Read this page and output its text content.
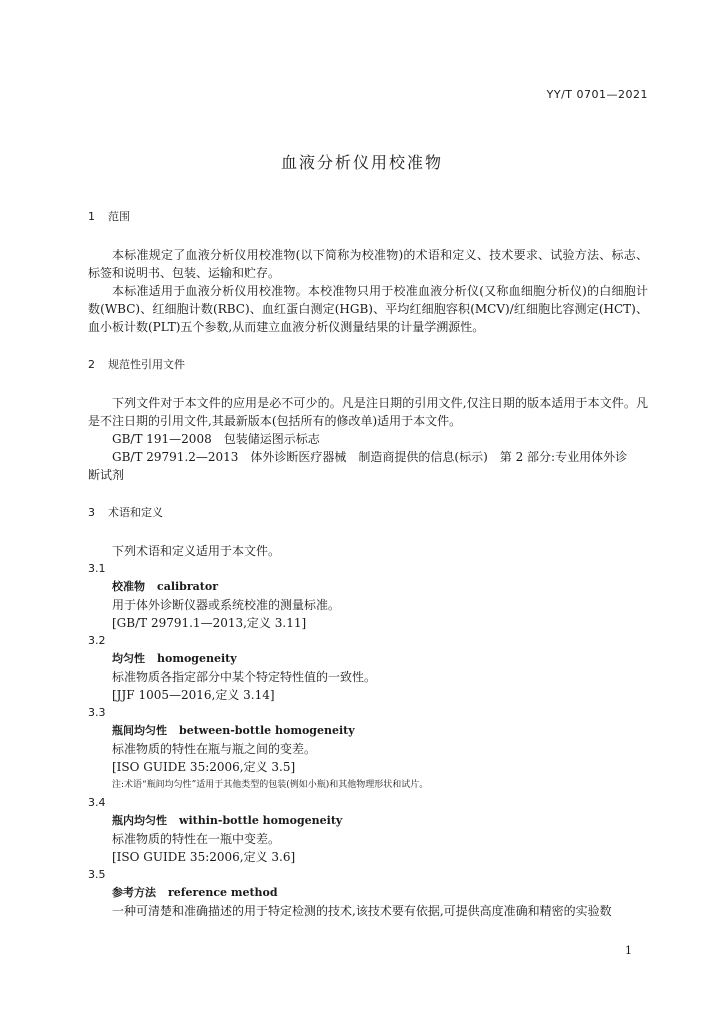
YY/T 0701—2021
血液分析仪用校准物
1 范围

本标准规定了血液分析仪用校准物(以下简称为校准物)的术语和定义、技术要求、试验方法、标志、标签和说明书、包装、运输和贮存。

本标准适用于血液分析仪用校准物。本校准物只用于校准血液分析仪(又称血细胞分析仪)的白细胞计数(WBC)、红细胞计数(RBC)、血红蛋白测定(HGB)、平均红细胞容积(MCV)/红细胞比容测定(HCT)、血小板计数(PLT)五个参数,从而建立血液分析仪测量结果的计量学溯源性。

2 规范性引用文件

下列文件对于本文件的应用是必不可少的。凡是注日期的引用文件,仅注日期的版本适用于本文件。凡是不注日期的引用文件,其最新版本(包括所有的修改单)适用于本文件。

GB/T 191—2008　包装储运图示标志

GB/T 29791.2—2013　体外诊断医疗器械　制造商提供的信息(标示)　第 2 部分:专业用体外诊

断试剂

3 术语和定义

下列术语和定义适用于本文件。

3.1

校准物 calibrator

用于体外诊断仪器或系统校准的测量标准。

[GB/T 29791.1—2013,定义 3.11]

3.2

均匀性 homogeneity

标准物质各指定部分中某个特定特性值的一致性。

[JJF 1005—2016,定义 3.14]

3.3

瓶间均匀性 between-bottle homogeneity

标准物质的特性在瓶与瓶之间的变差。

[ISO GUIDE 35:2006,定义 3.5]

注:术语“瓶间均匀性”适用于其他类型的包装(例如小瓶)和其他物理形状和试片。

3.4

瓶内均匀性 within-bottle homogeneity

标准物质的特性在一瓶中变差。

[ISO GUIDE 35:2006,定义 3.6]

3.5

参考方法 reference method

一种可清楚和准确描述的用于特定检测的技术,该技术要有依据,可提供高度准确和精密的实验数

1
